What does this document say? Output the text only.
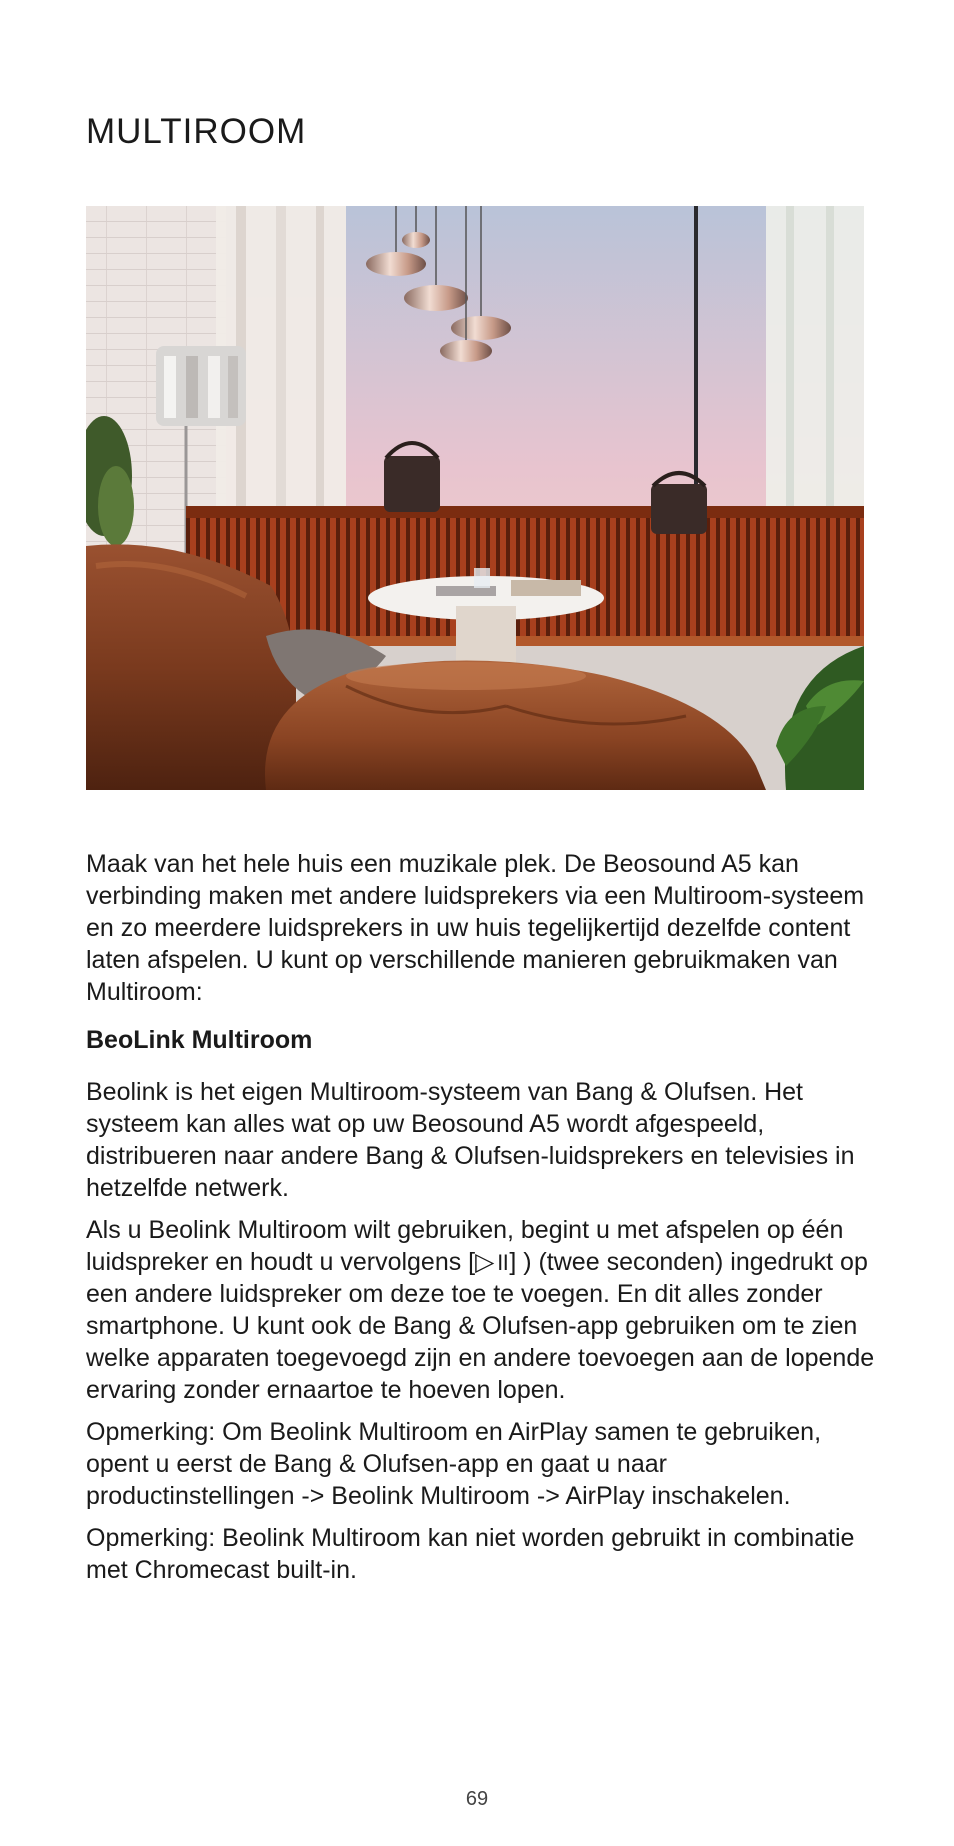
MULTIROOM

Maak van het hele huis een muzikale plek. De Beosound A5 kan verbinding maken met andere luidsprekers via een Multiroom-systeem en zo meerdere luidsprekers in uw huis tegelijkertijd dezelfde content laten afspelen. U kunt op verschillende manieren gebruikmaken van Multiroom:

BeoLink Multiroom

Beolink is het eigen Multiroom-systeem van Bang & Olufsen. Het systeem kan alles wat op uw Beosound A5 wordt afgespeeld, distribueren naar andere Bang & Olufsen-luidsprekers en televisies in hetzelfde netwerk.

Als u Beolink Multiroom wilt gebruiken, begint u met afspelen op één luidspreker en houdt u vervolgens [▷॥] ) (twee seconden) ingedrukt op een andere luidspreker om deze toe te voegen. En dit alles zonder smartphone. U kunt ook de Bang & Olufsen-app gebruiken om te zien welke apparaten toegevoegd zijn en andere toevoegen aan de lopende ervaring zonder ernaartoe te hoeven lopen.

Opmerking: Om Beolink Multiroom en AirPlay samen te gebruiken, opent u eerst de Bang & Olufsen-app en gaat u naar productinstellingen -> Beolink Multiroom -> AirPlay inschakelen.

Opmerking: Beolink Multiroom kan niet worden gebruikt in combinatie met Chromecast built-in.

69
